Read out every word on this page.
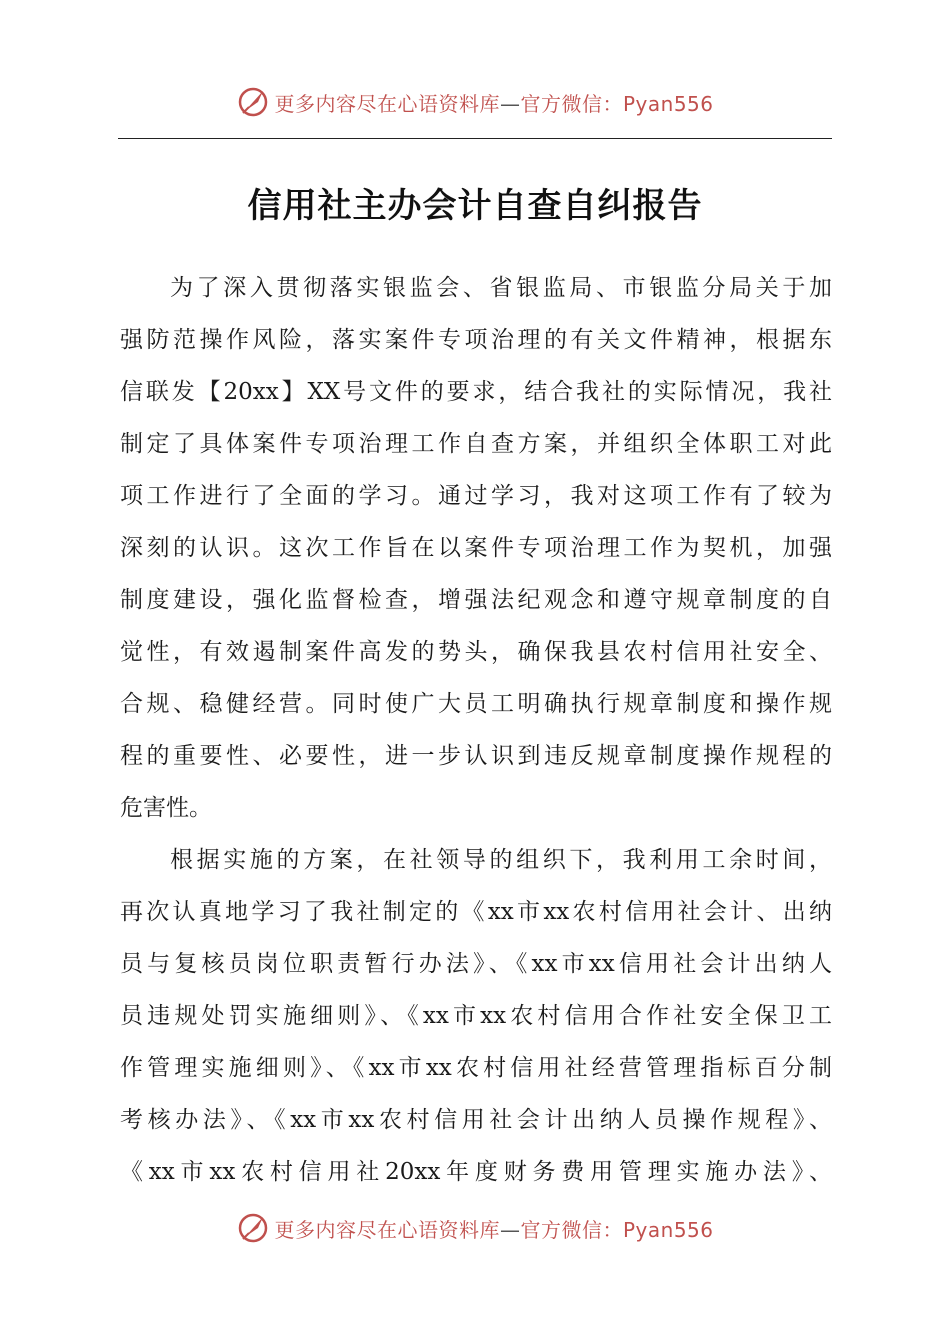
更多内容尽在心语资料库—官方微信：Pyan556
信用社主办会计自查自纠报告
为了深入贯彻落实银监会、省银监局、市银监分局关于加
强防范操作风险，落实案件专项治理的有关文件精神，根据东
信联发【20xx】XX号文件的要求，结合我社的实际情况，我社
制定了具体案件专项治理工作自查方案，并组织全体职工对此
项工作进行了全面的学习。通过学习，我对这项工作有了较为
深刻的认识。这次工作旨在以案件专项治理工作为契机，加强
制度建设，强化监督检查，增强法纪观念和遵守规章制度的自
觉性，有效遏制案件高发的势头，确保我县农村信用社安全、
合规、稳健经营。同时使广大员工明确执行规章制度和操作规
程的重要性、必要性，进一步认识到违反规章制度操作规程的
危害性。
根据实施的方案，在社领导的组织下，我利用工余时间，
再次认真地学习了我社制定的《xx市xx农村信用社会计、出纳
员与复核员岗位职责暂行办法》、《xx市xx信用社会计出纳人
员违规处罚实施细则》、《xx市xx农村信用合作社安全保卫工
作管理实施细则》、《xx市xx农村信用社经营管理指标百分制
考核办法》、《xx市xx农村信用社会计出纳人员操作规程》、
《xx市xx农村信用社20xx年度财务费用管理实施办法》、
更多内容尽在心语资料库—官方微信：Pyan556
